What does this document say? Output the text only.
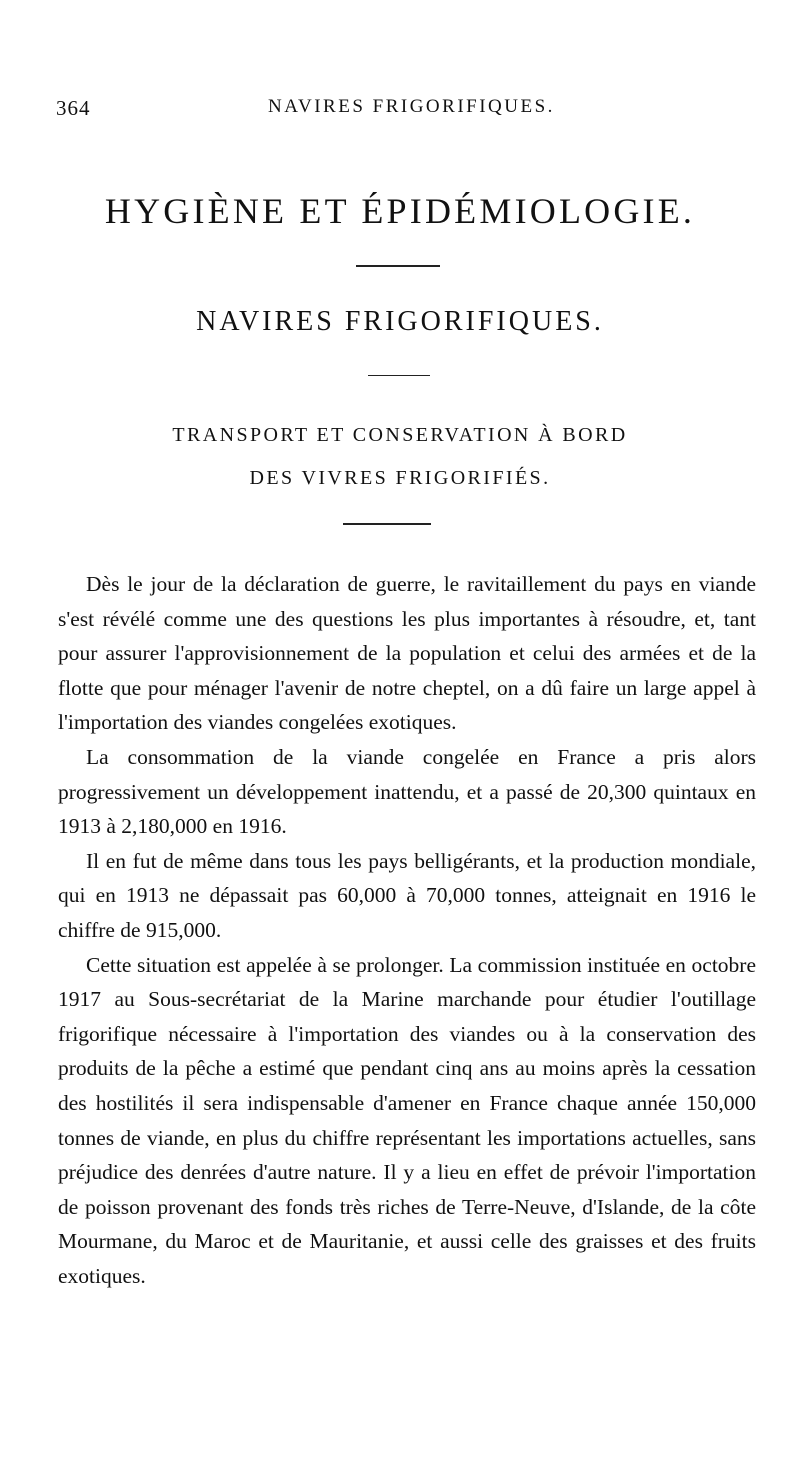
364	NAVIRES FRIGORIFIQUES.
HYGIÈNE ET ÉPIDÉMIOLOGIE.
NAVIRES FRIGORIFIQUES.
TRANSPORT ET CONSERVATION À BORD
DES VIVRES FRIGORIFIÉS.

Dès le jour de la déclaration de guerre, le ravitaillement du pays en viande s'est révélé comme une des questions les plus importantes à résoudre, et, tant pour assurer l'approvisionnement de la population et celui des armées et de la flotte que pour ménager l'avenir de notre cheptel, on a dû faire un large appel à l'importation des viandes congelées exotiques.

La consommation de la viande congelée en France a pris alors progressivement un développement inattendu, et a passé de 20,300 quintaux en 1913 à 2,180,000 en 1916.

Il en fut de même dans tous les pays belligérants, et la production mondiale, qui en 1913 ne dépassait pas 60,000 à 70,000 tonnes, atteignait en 1916 le chiffre de 915,000.

Cette situation est appelée à se prolonger. La commission instituée en octobre 1917 au Sous-secrétariat de la Marine marchande pour étudier l'outillage frigorifique nécessaire à l'importation des viandes ou à la conservation des produits de la pêche a estimé que pendant cinq ans au moins après la cessation des hostilités il sera indispensable d'amener en France chaque année 150,000 tonnes de viande, en plus du chiffre représentant les importations actuelles, sans préjudice des denrées d'autre nature. Il y a lieu en effet de prévoir l'importation de poisson provenant des fonds très riches de Terre-Neuve, d'Islande, de la côte Mourmane, du Maroc et de Mauritanie, et aussi celle des graisses et des fruits exotiques.
